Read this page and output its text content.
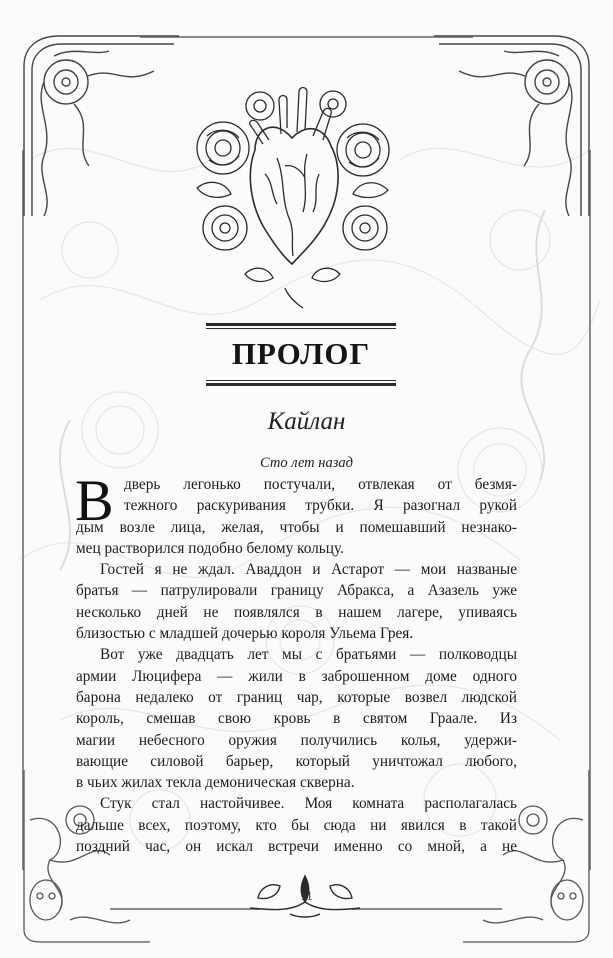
ПРОЛОГ
Кайлан
Сто лет назад
В дверь легонько постучали, отвлекая от безмя-
тежного раскуривания трубки. Я разогнал рукой
дым возле лица, желая, чтобы и помешавший незнако-
мец растворился подобно белому кольцу.
Гостей я не ждал. Аваддон и Астарот — мои названые
братья — патрулировали границу Абракса, а Азазель уже
несколько дней не появлялся в нашем лагере, упиваясь
близостью с младшей дочерью короля Ульема Грея.
Вот уже двадцать лет мы с братьями — полководцы
армии Люцифера — жили в заброшенном доме одного
барона недалеко от границ чар, которые возвел людской
король, смешав свою кровь в святом Граале. Из
магии небесного оружия получились колья, удержи-
вающие силовой барьер, который уничтожал любого,
в чьих жилах текла демоническая скверна.
Стук стал настойчивее. Моя комната располагалась
дальше всех, поэтому, кто бы сюда ни явился в такой
поздний час, он искал встречи именно со мной, а не
11
